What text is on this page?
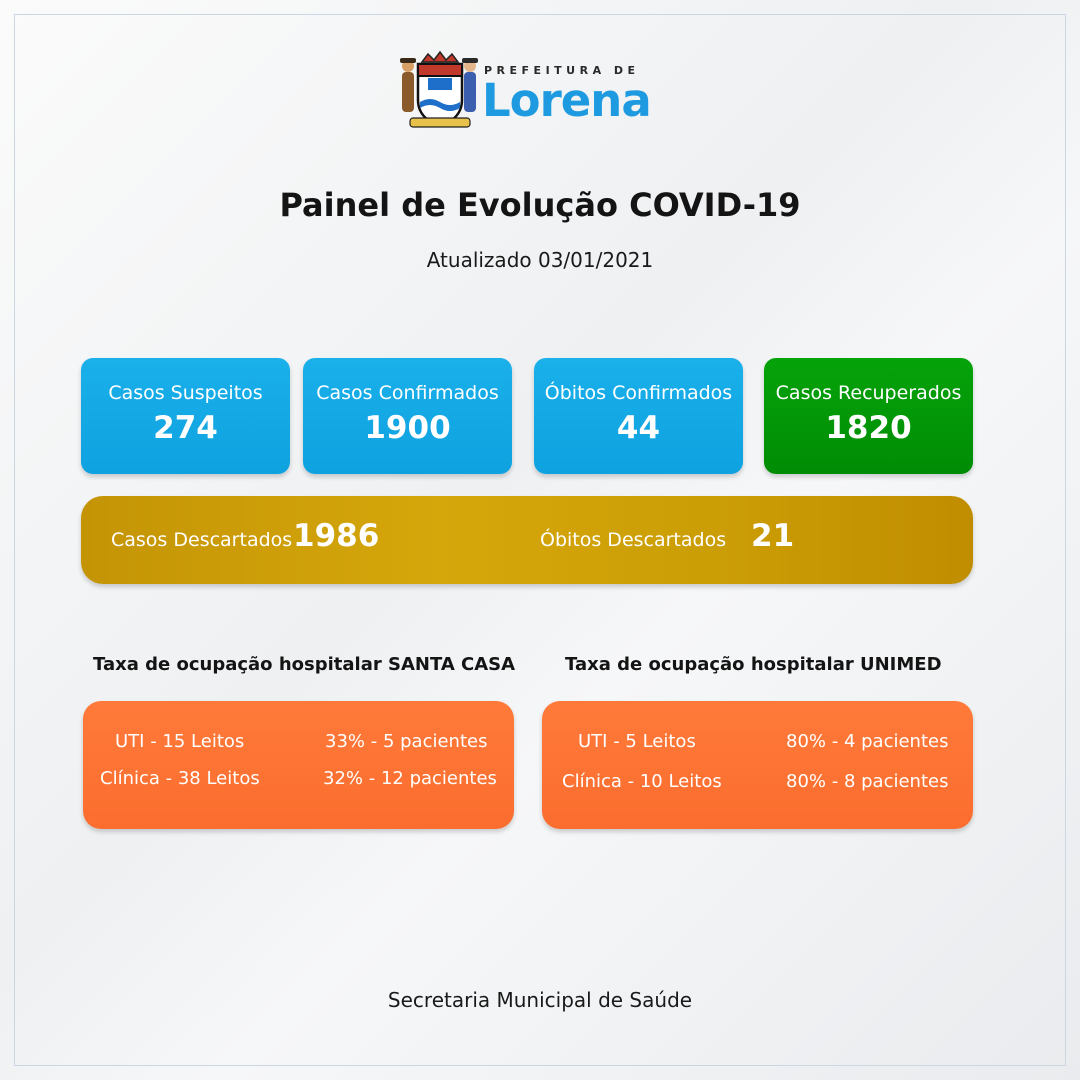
PREFEITURA DE
Lorena
Painel de Evolução COVID-19
Atualizado 03/01/2021
Casos Suspeitos
274
Casos Confirmados
1900
Óbitos Confirmados
44
Casos Recuperados
1820
Casos Descartados 1986	Óbitos Descartados 21
Taxa de ocupação hospitalar SANTA CASA
UTI - 15 Leitos	33% - 5 pacientes
Clínica - 38 Leitos	32% - 12 pacientes
Taxa de ocupação hospitalar UNIMED
UTI - 5 Leitos	80% - 4 pacientes
Clínica - 10 Leitos	80% - 8 pacientes
Secretaria Municipal de Saúde
